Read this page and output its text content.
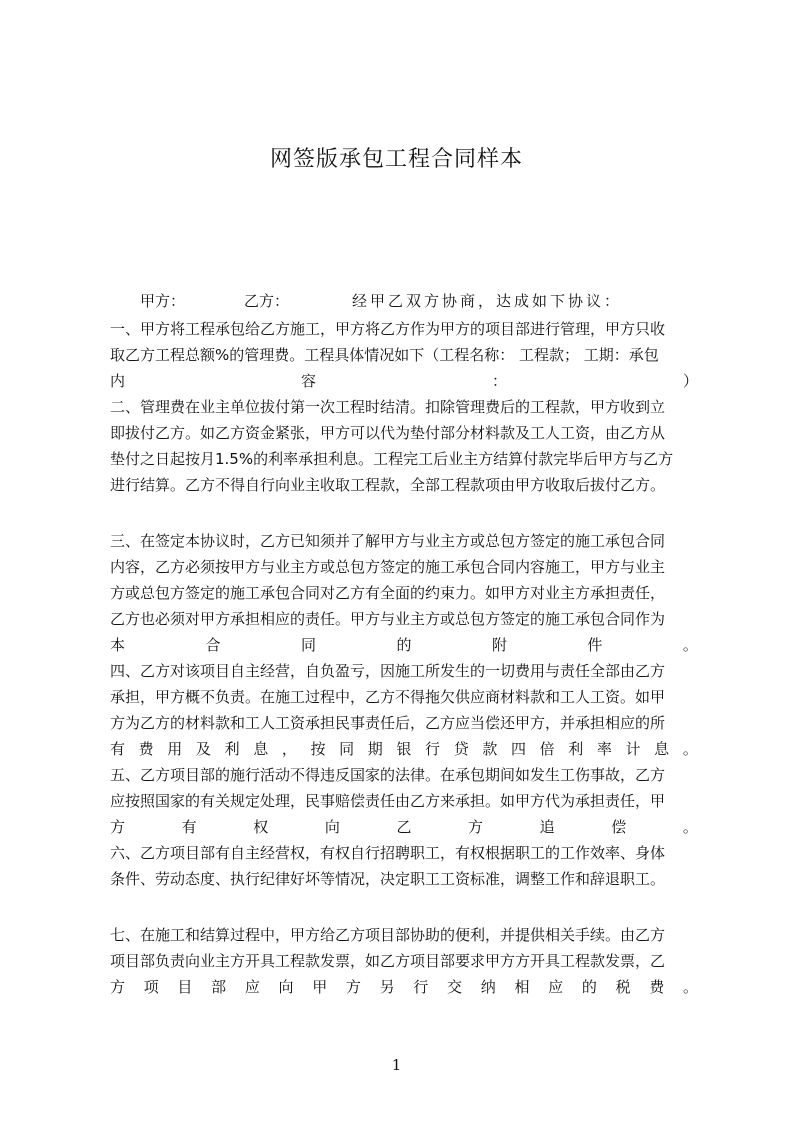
网签版承包工程合同样本
甲方：	乙方：	经甲乙双方协商，达成如下协议：
一、甲方将工程承包给乙方施工，甲方将乙方作为甲方的项目部进行管理，甲方只收
取乙方工程总额%的管理费。工程具体情况如下（工程名称： 工程款； 工期：承包
内	容	：	）
二、管理费在业主单位拔付第一次工程时结清。扣除管理费后的工程款，甲方收到立
即拔付乙方。如乙方资金紧张，甲方可以代为垫付部分材料款及工人工资，由乙方从
垫付之日起按月1.5%的利率承担利息。工程完工后业主方结算付款完毕后甲方与乙方
进行结算。乙方不得自行向业主收取工程款，全部工程款项由甲方收取后拔付乙方。
三、在签定本协议时，乙方已知须并了解甲方与业主方或总包方签定的施工承包合同
内容，乙方必须按甲方与业主方或总包方签定的施工承包合同内容施工，甲方与业主
方或总包方签定的施工承包合同对乙方有全面的约束力。如甲方对业主方承担责任，
乙方也必须对甲方承担相应的责任。甲方与业主方或总包方签定的施工承包合同作为
本	合	同	的	附	件	。
四、乙方对该项目自主经营，自负盈亏，因施工所发生的一切费用与责任全部由乙方
承担，甲方概不负责。在施工过程中，乙方不得拖欠供应商材料款和工人工资。如甲
方为乙方的材料款和工人工资承担民事责任后，乙方应当偿还甲方，并承担相应的所
有 费 用 及 利 息 ， 按 同 期 银 行 贷 款 四 倍 利 率 计 息 。
五、乙方项目部的施行活动不得违反国家的法律。在承包期间如发生工伤事故，乙方
应按照国家的有关规定处理，民事赔偿责任由乙方来承担。如甲方代为承担责任，甲
方	有	权	向	乙	方	追	偿	。
六、乙方项目部有自主经营权，有权自行招聘职工，有权根据职工的工作效率、身体
条件、劳动态度、执行纪律好坏等情况，决定职工工资标准，调整工作和辞退职工。
七、在施工和结算过程中，甲方给乙方项目部协助的便利，并提供相关手续。由乙方
项目部负责向业主方开具工程款发票，如乙方项目部要求甲方方开具工程款发票，乙
方 项 目 部 应 向 甲 方 另 行 交 纳 相 应 的 税 费 。
1
